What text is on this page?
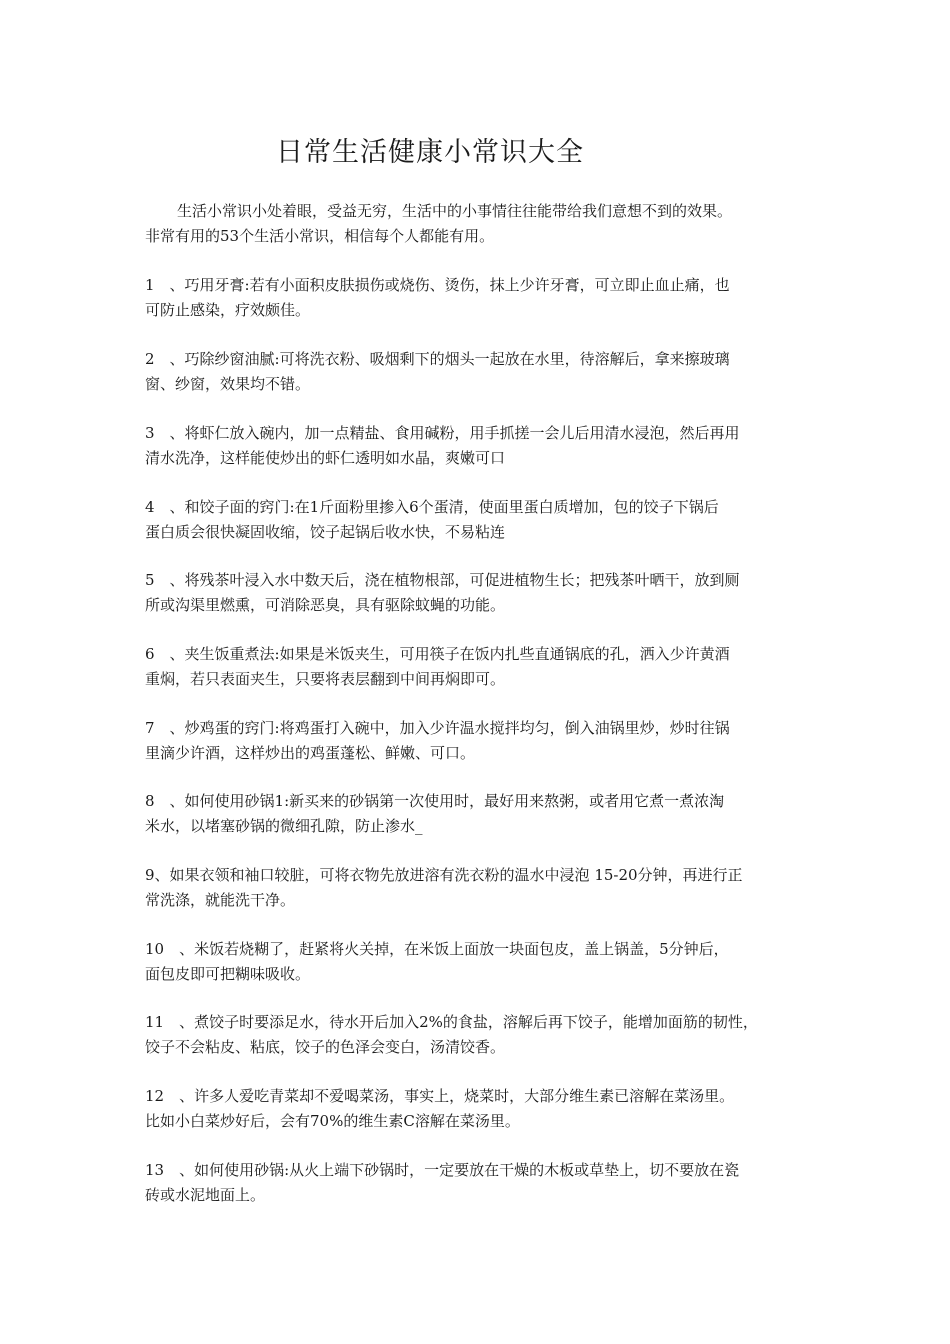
日常生活健康小常识大全
生活小常识小处着眼，受益无穷，生活中的小事情往往能带给我们意想不到的效果。
非常有用的53个生活小常识，相信每个人都能有用。
1　、巧用牙膏:若有小面积皮肤损伤或烧伤、烫伤，抹上少许牙膏，可立即止血止痛，也
可防止感染，疗效颇佳。
2　、巧除纱窗油腻:可将洗衣粉、吸烟剩下的烟头一起放在水里，待溶解后，拿来擦玻璃
窗、纱窗，效果均不错。
3　、将虾仁放入碗内，加一点精盐、食用碱粉，用手抓搓一会儿后用清水浸泡，然后再用
清水洗净，这样能使炒出的虾仁透明如水晶，爽嫩可口
4　、和饺子面的窍门:在1斤面粉里掺入6个蛋清，使面里蛋白质增加，包的饺子下锅后
蛋白质会很快凝固收缩，饺子起锅后收水快，不易粘连
5　、将残茶叶浸入水中数天后，浇在植物根部，可促进植物生长；把残茶叶晒干，放到厕
所或沟渠里燃熏，可消除恶臭，具有驱除蚊蝇的功能。
6　、夹生饭重煮法:如果是米饭夹生，可用筷子在饭内扎些直通锅底的孔，洒入少许黄酒
重焖，若只表面夹生，只要将表层翻到中间再焖即可。
7　、炒鸡蛋的窍门:将鸡蛋打入碗中，加入少许温水搅拌均匀，倒入油锅里炒，炒时往锅
里滴少许酒，这样炒出的鸡蛋蓬松、鲜嫩、可口。
8　、如何使用砂锅1:新买来的砂锅第一次使用时，最好用来熬粥，或者用它煮一煮浓淘
米水，以堵塞砂锅的微细孔隙，防止渗水_
9、如果衣领和袖口较脏，可将衣物先放进溶有洗衣粉的温水中浸泡 15-20分钟，再进行正
常洗涤，就能洗干净。
10　、米饭若烧糊了，赶紧将火关掉，在米饭上面放一块面包皮，盖上锅盖，5分钟后，
面包皮即可把糊味吸收。
11　、煮饺子时要添足水，待水开后加入2%的食盐，溶解后再下饺子，能增加面筋的韧性，
饺子不会粘皮、粘底，饺子的色泽会变白，汤清饺香。
12　、许多人爱吃青菜却不爱喝菜汤，事实上，烧菜时，大部分维生素已溶解在菜汤里。
比如小白菜炒好后，会有70%的维生素C溶解在菜汤里。
13　、如何使用砂锅:从火上端下砂锅时，一定要放在干燥的木板或草垫上，切不要放在瓷
砖或水泥地面上。
